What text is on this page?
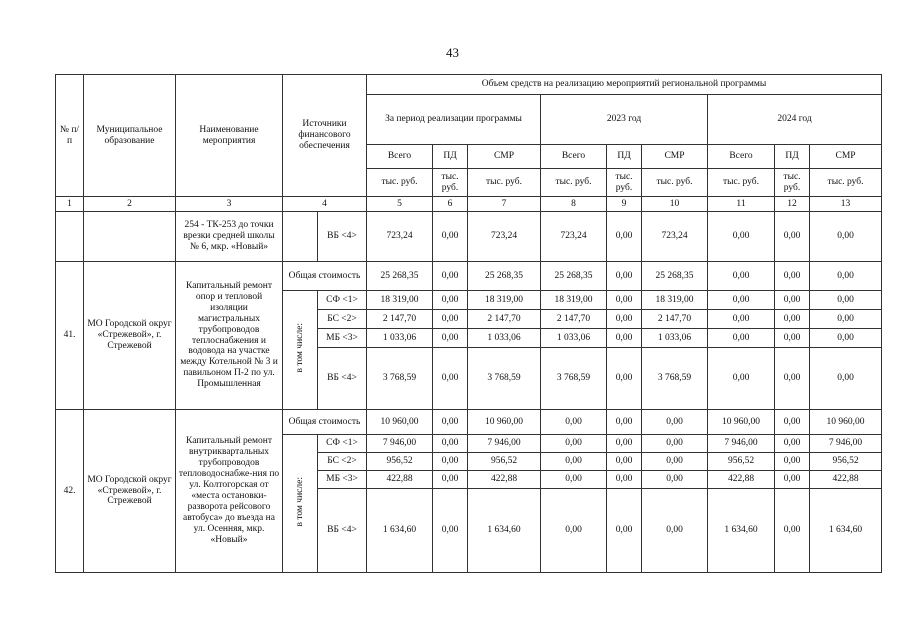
43
№ п/п	Муниципальное образование	Наименование мероприятия	Источники финансового обеспечения		Объем средств на реализацию мероприятий региональной программы								
					За период реализации программы			2023 год			2024 год		
					Всего	ПД	СМР	Всего	ПД	СМР	Всего	ПД	СМР
					тыс. руб.	тыс. руб.	тыс. руб.	тыс. руб.	тыс. руб.	тыс. руб.	тыс. руб.	тыс. руб.	тыс. руб.
1	2	3	4		5	6	7	8	9	10	11	12	13
		254 - ТК-253 до точки врезки средней школы № 6, мкр. «Новый»		ВБ <4>	723,24	0,00	723,24	723,24	0,00	723,24	0,00	0,00	0,00
41.	МО Городской округ «Стрежевой», г. Стрежевой	Капитальный ремонт опор и тепловой изоляции магистральных трубопроводов теплоснабжения и водовода на участке между Котельной № 3 и павильоном П-2 по ул. Промышленная	Общая стоимость		25 268,35	0,00	25 268,35	25 268,35	0,00	25 268,35	0,00	0,00	0,00
			в том числе:	СФ <1>	18 319,00	0,00	18 319,00	18 319,00	0,00	18 319,00	0,00	0,00	0,00
				БС <2>	2 147,70	0,00	2 147,70	2 147,70	0,00	2 147,70	0,00	0,00	0,00
				МБ <3>	1 033,06	0,00	1 033,06	1 033,06	0,00	1 033,06	0,00	0,00	0,00
				ВБ <4>	3 768,59	0,00	3 768,59	3 768,59	0,00	3 768,59	0,00	0,00	0,00
42.	МО Городской округ «Стрежевой», г. Стрежевой	Капитальный ремонт внутриквартальных трубопроводов тепловодоснабже-ния по ул. Колтогорская от «места остановки-разворота рейсового автобуса» до въезда на ул. Осенняя, мкр. «Новый»	Общая стоимость		10 960,00	0,00	10 960,00	0,00	0,00	0,00	10 960,00	0,00	10 960,00
			в том числе:	СФ <1>	7 946,00	0,00	7 946,00	0,00	0,00	0,00	7 946,00	0,00	7 946,00
				БС <2>	956,52	0,00	956,52	0,00	0,00	0,00	956,52	0,00	956,52
				МБ <3>	422,88	0,00	422,88	0,00	0,00	0,00	422,88	0,00	422,88
				ВБ <4>	1 634,60	0,00	1 634,60	0,00	0,00	0,00	1 634,60	0,00	1 634,60
